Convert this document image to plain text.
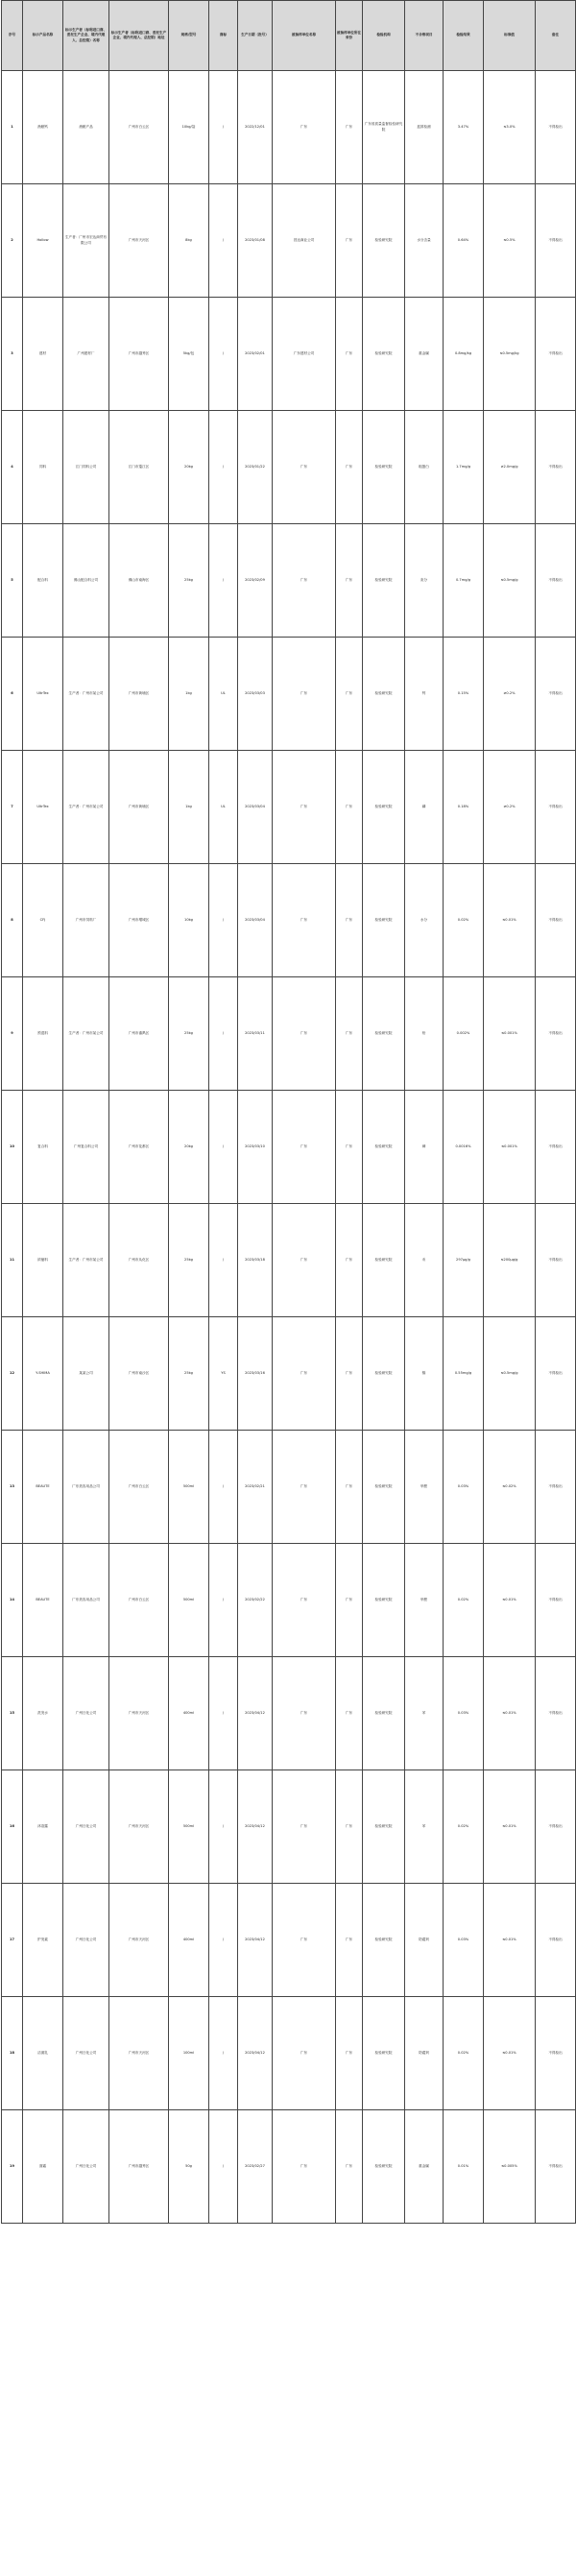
序号	标示产品名称	标示生产者（标称进口商、委托生产企业、境内代理人、总经销）名称	标示生产者（标称进口商、委托生产企业、境内代理人、总经销）地址	规格/型号	商标	生产日期（批号）	被抽样单位名称	被抽样单位所在省份	检验机构	不合格项目	检验结果	标准值	备注
1	渔粮钙	渔粮产品	广州市白云区	10kg/袋	/	2022/12/01	广东	广东	广东省质量监督检验研究院	蓝屏检测	3.47%	≤3.0%	不得检出
2	Hollow	生产者：广州市宏达商贸有限公司	广州市天河区	8kg	/	2023/01/08	昌达商业公司	广东	检验研究院	水分含量	0.64%	≤0.5%	不得检出
3	建材	广州建材厂	广州市越秀区	5kg/包	/	2023/02/01	广东建材公司	广东	检验研究院	重金属	0.8mg/kg	≤0.5mg/kg	不得检出
4	饲料	江门饲料公司	江门市蓬江区	20kg	/	2023/01/22	广东	广东	检验研究院	粗蛋白	1.7mg/g	≥2.0mg/g	不得检出
5	配合料	佛山配合料公司	佛山市南海区	25kg	/	2023/02/09	广东	广东	检验研究院	灰分	0.7mg/g	≤0.5mg/g	不得检出
6	UltrTex	生产者：广州市某公司	广州市黄埔区	1kg	UL	2023/03/03	广东	广东	检验研究院	钙	0.15%	≥0.2%	不得检出
7	UltrTex	生产者：广州市某公司	广州市黄埔区	1kg	UL	2023/03/04	广东	广东	检验研究院	磷	0.18%	≥0.2%	不得检出
8	CFJ	广州市饲料厂	广州市增城区	10kg	/	2023/03/04	广东	广东	检验研究院	水分	0.02%	≤0.01%	不得检出
9	预混料	生产者：广州市某公司	广州市番禺区	25kg	/	2023/03/11	广东	广东	检验研究院	铅	0.002%	≤0.001%	不得检出
10	复合料	广州复合料公司	广州市花都区	20kg	/	2023/03/10	广东	广东	检验研究院	砷	0.0016%	≤0.001%	不得检出
11	浓缩料	生产者：广州市某公司	广州市从化区	25kg	/	2023/03/18	广东	广东	检验研究院	汞	297µg/g	≤200µg/g	不得检出
12	Y-SHIMA	某某公司	广州市南沙区	25kg	YS	2023/03/16	广东	广东	检验研究院	镉	0.55mg/g	≤0.5mg/g	不得检出
13	BEAUTE	广东美容用品公司	广州市白云区	500ml	/	2023/02/21	广东	广东	检验研究院	甲醛	0.03%	≤0.02%	不得检出
14	BEAUTE	广东美容用品公司	广州市白云区	500ml	/	2023/02/22	广东	广东	检验研究院	甲醛	0.02%	≤0.01%	不得检出
15	洗发水	广州日化公司	广州市天河区	400ml	/	2023/04/12	广东	广东	检验研究院	苯	0.03%	≤0.01%	不得检出
16	沐浴露	广州日化公司	广州市天河区	500ml	/	2023/04/12	广东	广东	检验研究院	苯	0.02%	≤0.01%	不得检出
17	护发素	广州日化公司	广州市天河区	400ml	/	2023/04/12	广东	广东	检验研究院	防腐剂	0.03%	≤0.01%	不得检出
18	洁面乳	广州日化公司	广州市天河区	100ml	/	2023/04/12	广东	广东	检验研究院	防腐剂	0.02%	≤0.01%	不得检出
19	面霜	广州日化公司	广州市越秀区	50g	/	2023/02/27	广东	广东	检验研究院	重金属	0.01%	≤0.005%	不得检出
